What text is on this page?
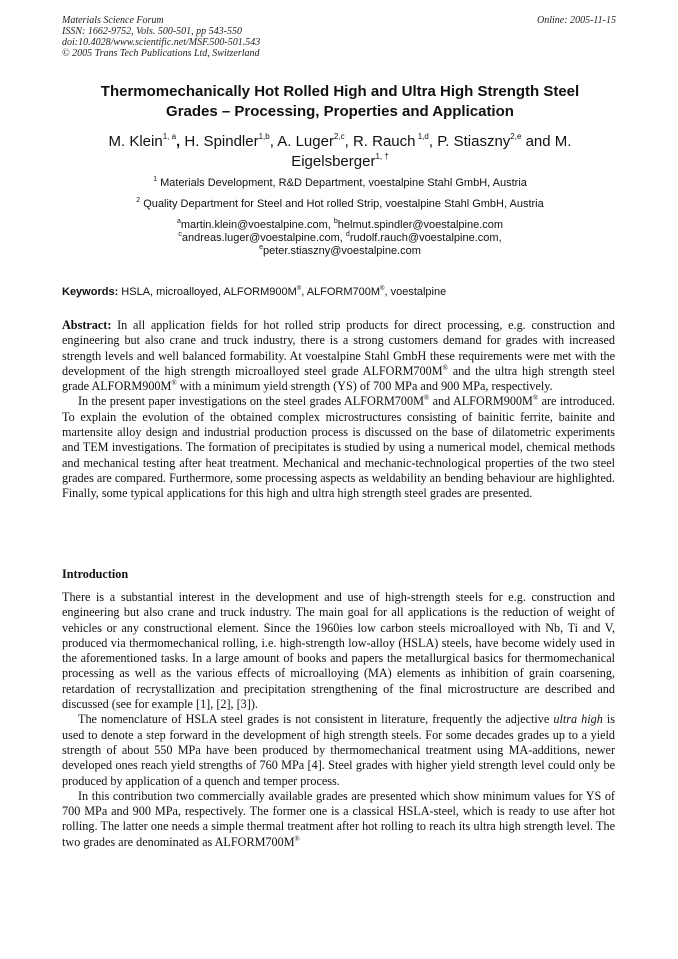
Materials Science Forum
ISSN: 1662-9752, Vols. 500-501, pp 543-550
doi:10.4028/www.scientific.net/MSF.500-501.543
© 2005 Trans Tech Publications Ltd, Switzerland
Online: 2005-11-15
Thermomechanically Hot Rolled High and Ultra High Strength Steel
Grades – Processing, Properties and Application
M. Klein$^{1, a}$, H. Spindler$^{1,b}$, A. Luger$^{2,c}$, R. Rauch $^{1,d}$, P. Stiaszny$^{2,e}$ and M. Eigelsberger$^{1, \dagger}$
$^1$ Materials Development, R&D Department, voestalpine Stahl GmbH, Austria
$^2$ Quality Department for Steel and Hot rolled Strip, voestalpine Stahl GmbH, Austria
$^a$martin.klein@voestalpine.com, $^b$helmut.spindler@voestalpine.com
$^c$andreas.luger@voestalpine.com, $^d$rudolf.rauch@voestalpine.com,
$^e$peter.stiaszny@voestalpine.com
Keywords: HSLA, microalloyed, ALFORM900M®, ALFORM700M®, voestalpine

Abstract: In all application fields for hot rolled strip products for direct processing, e.g. construction and engineering but also crane and truck industry, there is a strong customers demand for grades with increased strength levels and well balanced formability. At voestalpine Stahl GmbH these requirements were met with the development of the high strength microalloyed steel grade ALFORM700M® and the ultra high strength steel grade ALFORM900M® with a minimum yield strength (YS) of 700 MPa and 900 MPa, respectively.

In the present paper investigations on the steel grades ALFORM700M® and ALFORM900M® are introduced. To explain the evolution of the obtained complex microstructures consisting of bainitic ferrite, bainite and martensite alloy design and industrial production process is discussed on the base of dilatometric experiments and TEM investigations. The formation of precipitates is studied by using a numerical model, chemical methods and mechanical testing after heat treatment. Mechanical and mechanic-technological properties of the two steel grades are compared. Furthermore, some processing aspects as weldability an bending behaviour are highlighted. Finally, some typical applications for this high and ultra high strength steel grades are presented.

Introduction

There is a substantial interest in the development and use of high-strength steels for e.g. construction and engineering but also crane and truck industry. The main goal for all applications is the reduction of weight of vehicles or any constructional element. Since the 1960ies low carbon steels microalloyed with Nb, Ti and V, produced via thermomechanical rolling, i.e. high-strength low-alloy (HSLA) steels, have become widely used in the aforementioned tasks. In a large amount of books and papers the metallurgical basics for thermomechanical processing as well as the various effects of microalloying (MA) elements as inhibition of grain coarsening, retardation of recrystallization and precipitation strengthening of the final microstructure are described and discussed (see for example [1], [2], [3]).

The nomenclature of HSLA steel grades is not consistent in literature, frequently the adjective ultra high is used to denote a step forward in the development of high strength steels. For some decades grades up to a yield strength of about 550 MPa have been produced by thermomechanical treatment using MA-additions, newer developed ones reach yield strengths of 760 MPa [4]. Steel grades with higher yield strength level could only be produced by application of a quench and temper process.

In this contribution two commercially available grades are presented which show minimum values for YS of 700 MPa and 900 MPa, respectively. The former one is a classical HSLA-steel, which is ready to use after hot rolling. The latter one needs a simple thermal treatment after hot rolling to reach its ultra high strength level. The two grades are denominated as ALFORM700M®
